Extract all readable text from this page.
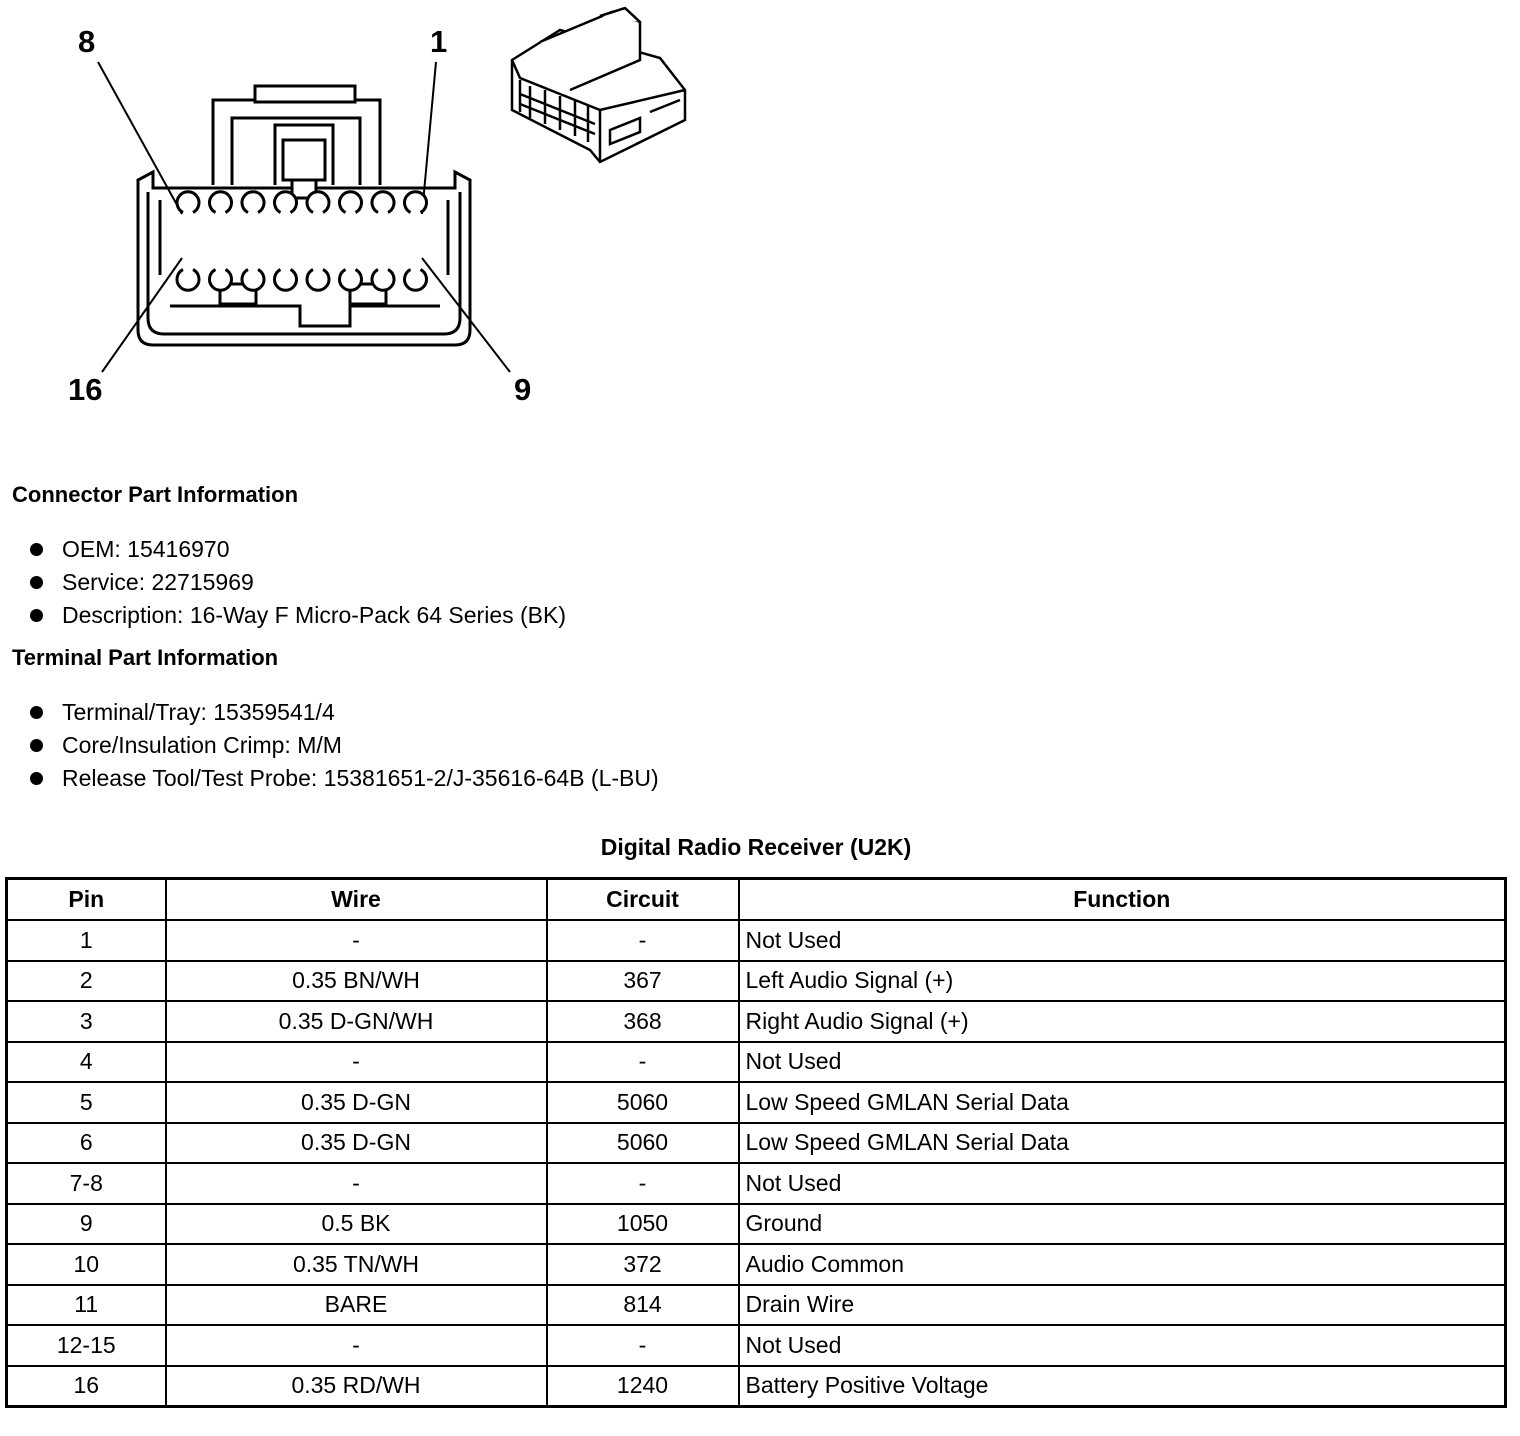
8	1
16	9
Connector Part Information
OEM: 15416970
Service: 22715969
Description: 16-Way F Micro-Pack 64 Series (BK)
Terminal Part Information
Terminal/Tray: 15359541/4
Core/Insulation Crimp: M/M
Release Tool/Test Probe: 15381651-2/J-35616-64B (L-BU)
Digital Radio Receiver (U2K)
Pin	Wire	Circuit	Function
1	-	-	Not Used
2	0.35 BN/WH	367	Left Audio Signal (+)
3	0.35 D-GN/WH	368	Right Audio Signal (+)
4	-	-	Not Used
5	0.35 D-GN	5060	Low Speed GMLAN Serial Data
6	0.35 D-GN	5060	Low Speed GMLAN Serial Data
7-8	-	-	Not Used
9	0.5 BK	1050	Ground
10	0.35 TN/WH	372	Audio Common
11	BARE	814	Drain Wire
12-15	-	-	Not Used
16	0.35 RD/WH	1240	Battery Positive Voltage
